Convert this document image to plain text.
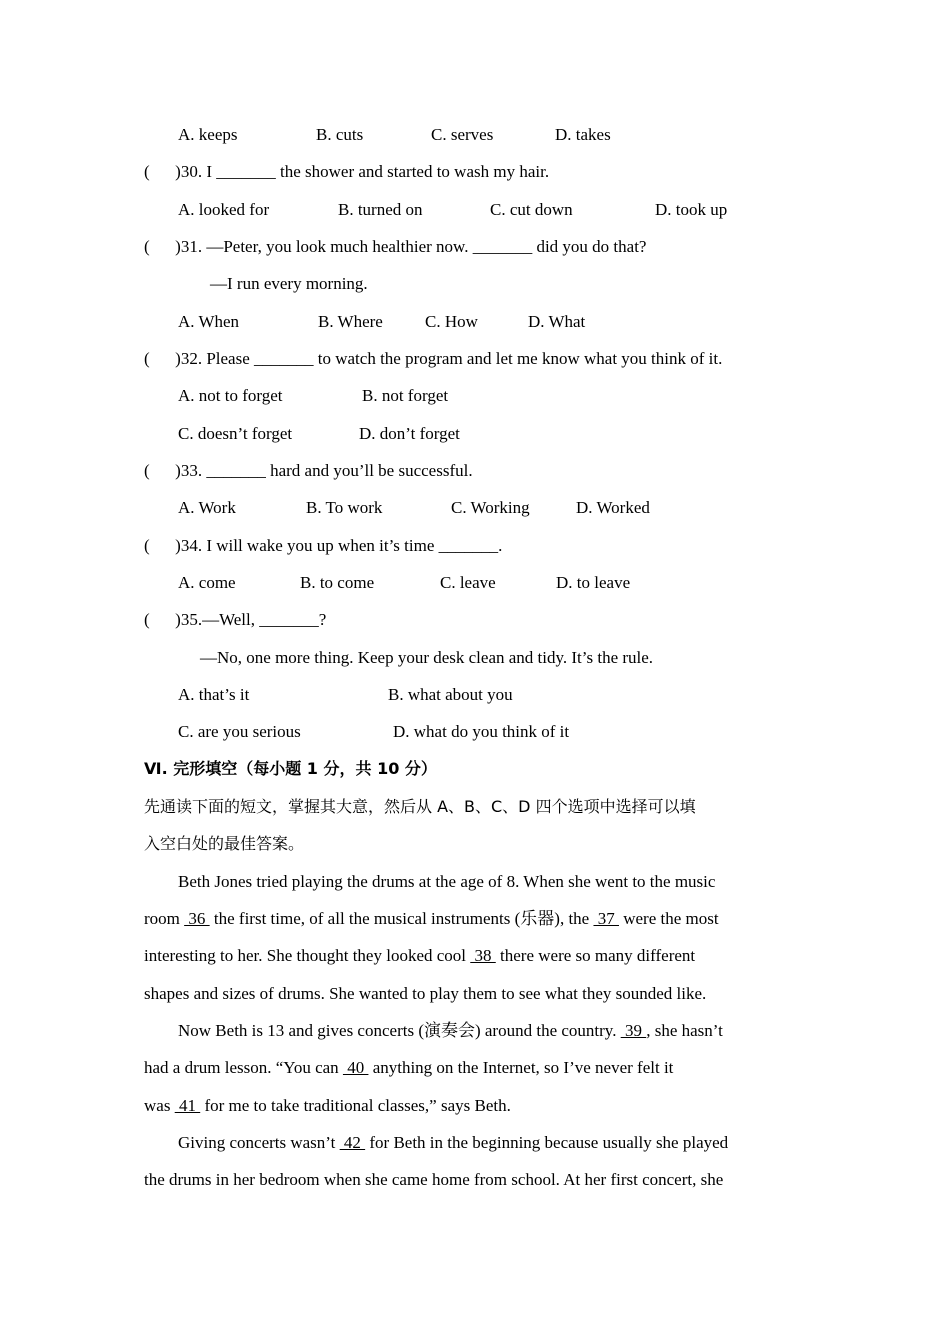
A. keeps	B. cuts	C. serves	D. takes
(      )30. I _______ the shower and started to wash my hair.
A. looked for	B. turned on	C. cut down	D. took up
(      )31. —Peter, you look much healthier now. _______ did you do that?
—I run every morning.
A. When	B. Where C. How	D. What
(      )32. Please _______ to watch the program and let me know what you think of it.
A. not to forget	B. not forget
C. doesn’t forget	D. don’t forget
(      )33. _______ hard and you’ll be successful.
A. Work	B. To work	C. Working	D. Worked
(      )34. I will wake you up when it’s time _______.
A. come	B. to come	C. leave	D. to leave
(      )35.—Well, _______?
—No, one more thing. Keep your desk clean and tidy. It’s the rule.
A. that’s it	B. what about you
C. are you serious	D. what do you think of it
Ⅵ. 完形填空（每小题 1 分，共 10 分）
先通读下面的短文，掌握其大意，然后从 A、B、C、D 四个选项中选择可以填
入空白处的最佳答案。
Beth Jones tried playing the drums at the age of 8. When she went to the music
room  36  the first time, of all the musical instruments (乐器), the  37  were the most
interesting to her. She thought they looked cool  38  there were so many different
shapes and sizes of drums. She wanted to play them to see what they sounded like.
Now Beth is 13 and gives concerts (演奏会) around the country.  39 , she hasn’t
had a drum lesson. “You can  40  anything on the Internet, so I’ve never felt it
was  41  for me to take traditional classes,” says Beth.
Giving concerts wasn’t  42  for Beth in the beginning because usually she played
the drums in her bedroom when she came home from school. At her first concert, she
